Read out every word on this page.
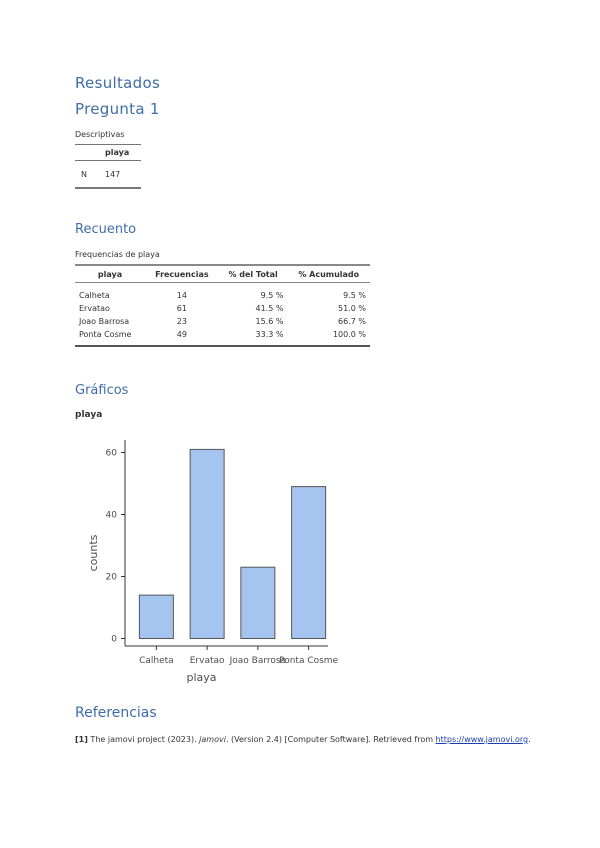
Resultados
Pregunta 1
Descriptivas
	playa
N	147
Recuento
Frequencias de playa
playa	Frecuencias	% del Total	% Acumulado
Calheta	14	9.5 %	9.5 %
Ervatao	61	41.5 %	51.0 %
Joao Barrosa	23	15.6 %	66.7 %
Ponta Cosme	49	33.3 %	100.0 %
Gráficos
playa
0
20
40
60
Calheta Ervatao Joao Barrosa
Ponta Cosme
playa
counts
Referencias
[1] The jamovi project (2023). jamovi. (Version 2.4) [Computer Software]. Retrieved from https://www.jamovi.org.
